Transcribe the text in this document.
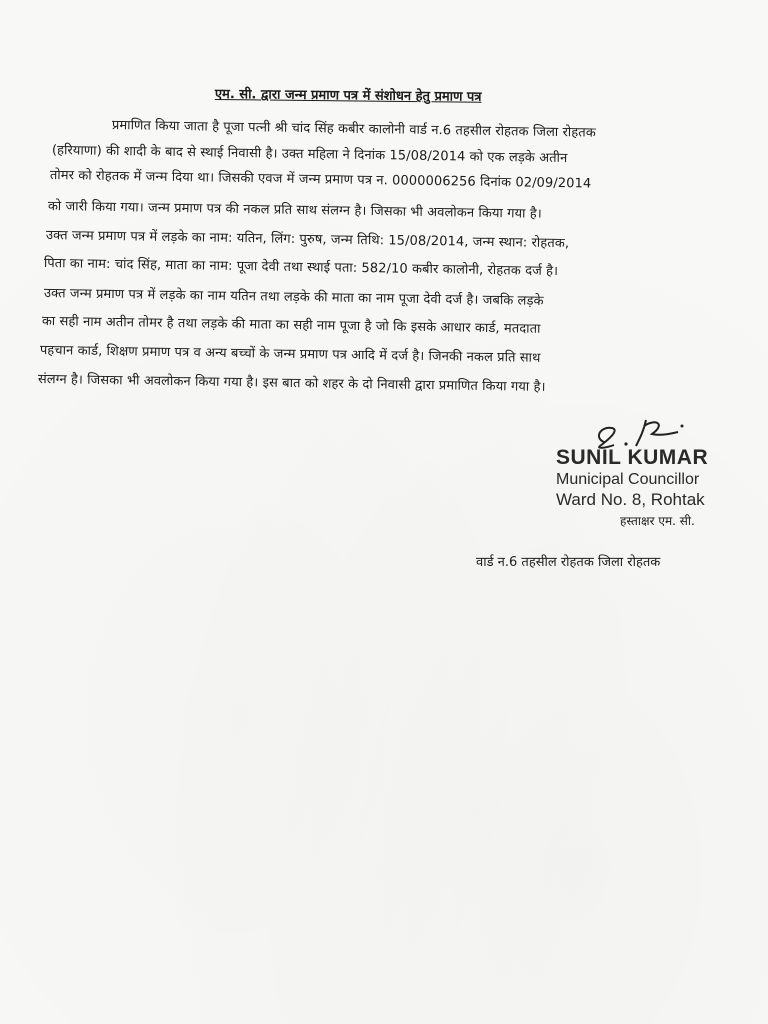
एम. सी. द्वारा जन्म प्रमाण पत्र में संशोधन हेतु प्रमाण पत्र
प्रमाणित किया जाता है पूजा पत्नी श्री चांद सिंह कबीर कालोनी वार्ड न.6 तहसील रोहतक जिला रोहतक
(हरियाणा) की शादी के बाद से स्थाई निवासी है। उक्त महिला ने दिनांक 15/08/2014 को एक लड़के अतीन
तोमर को रोहतक में जन्म दिया था। जिसकी एवज में जन्म प्रमाण पत्र न. 0000006256 दिनांक 02/09/2014
को जारी किया गया। जन्म प्रमाण पत्र की नकल प्रति साथ संलग्न है। जिसका भी अवलोकन किया गया है।
उक्त जन्म प्रमाण पत्र में लड़के का नाम: यतिन, लिंग: पुरुष, जन्म तिथि: 15/08/2014, जन्म स्थान: रोहतक,
पिता का नाम: चांद सिंह, माता का नाम: पूजा देवी तथा स्थाई पता: 582/10 कबीर कालोनी, रोहतक दर्ज है।
उक्त जन्म प्रमाण पत्र में लड़के का नाम यतिन तथा लड़के की माता का नाम पूजा देवी दर्ज है। जबकि लड़के
का सही नाम अतीन तोमर है तथा लड़के की माता का सही नाम पूजा है जो कि इसके आधार कार्ड, मतदाता
पहचान कार्ड, शिक्षण प्रमाण पत्र व अन्य बच्चों के जन्म प्रमाण पत्र आदि में दर्ज है। जिनकी नकल प्रति साथ
संलग्न है। जिसका भी अवलोकन किया गया है। इस बात को शहर के दो निवासी द्वारा प्रमाणित किया गया है।
SUNIL KUMAR
Municipal Councillor
Ward No. 8, Rohtak
हस्ताक्षर एम. सी.
वार्ड न.6 तहसील रोहतक जिला रोहतक
